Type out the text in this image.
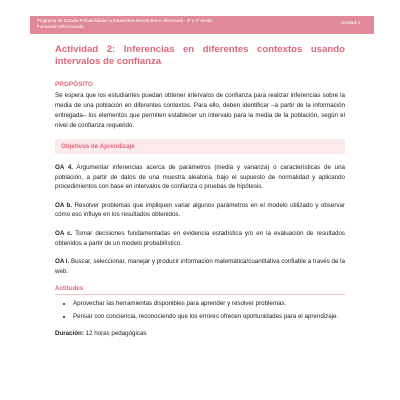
Programa de Estudio Probabilidades y Estadística Descriptiva e Inferencial - 3º y 4º medio
Formación Diferenciada	Unidad 4
Actividad 2: Inferencias en diferentes contextos usando intervalos de confianza
PROPÓSITO

Se espera que los estudiantes puedan obtener intervalos de confianza para realizar inferencias sobre la media de una población en diferentes contextos. Para ello, deben identificar –a partir de la información entregada– los elementos que permiten establecer un intervalo para la media de la población, según el nivel de confianza requerido.

Objetivos de Aprendizaje

OA 4. Argumentar inferencias acerca de parámetros (media y varianza) o características de una población, a partir de datos de una muestra aleatoria, bajo el supuesto de normalidad y aplicando procedimientos con base en intervalos de confianza o pruebas de hipótesis.

OA b. Resolver problemas que impliquen variar algunos parámetros en el modelo utilizado y observar cómo eso influye en los resultados obtenidos.

OA c. Tomar decisiones fundamentadas en evidencia estadística y/o en la evaluación de resultados obtenidos a partir de un modelo probabilístico.

OA i. Buscar, seleccionar, manejar y producir información matemática/cuantitativa confiable a través de la web.

Actitudes
• Aprovechar las herramientas disponibles para aprender y resolver problemas.
• Pensar con conciencia, reconociendo que los errores ofrecen oportunidades para el aprendizaje.

Duración: 12 horas pedagógicas
